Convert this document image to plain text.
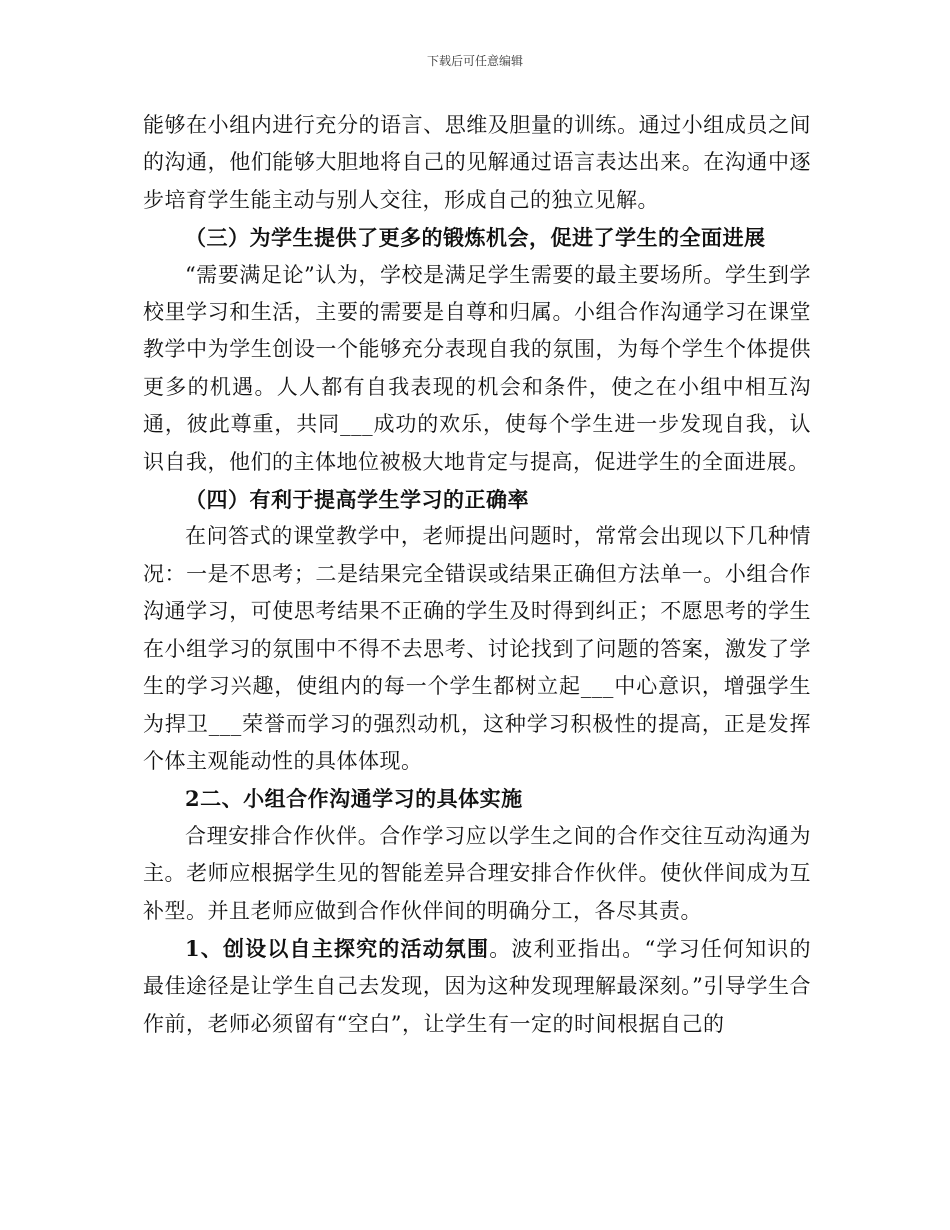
下载后可任意编辑

能够在小组内进行充分的语言、思维及胆量的训练。通过小组成员之间的沟通，他们能够大胆地将自己的见解通过语言表达出来。在沟通中逐步培育学生能主动与别人交往，形成自己的独立见解。

（三）为学生提供了更多的锻炼机会，促进了学生的全面进展

“需要满足论”认为，学校是满足学生需要的最主要场所。学生到学校里学习和生活，主要的需要是自尊和归属。小组合作沟通学习在课堂教学中为学生创设一个能够充分表现自我的氛围，为每个学生个体提供更多的机遇。人人都有自我表现的机会和条件，使之在小组中相互沟通，彼此尊重，共同___成功的欢乐，使每个学生进一步发现自我，认识自我，他们的主体地位被极大地肯定与提高，促进学生的全面进展。

（四）有利于提高学生学习的正确率

在问答式的课堂教学中，老师提出问题时，常常会出现以下几种情况：一是不思考；二是结果完全错误或结果正确但方法单一。小组合作沟通学习，可使思考结果不正确的学生及时得到纠正；不愿思考的学生在小组学习的氛围中不得不去思考、讨论找到了问题的答案，激发了学生的学习兴趣，使组内的每一个学生都树立起___中心意识，增强学生为捍卫___荣誉而学习的强烈动机，这种学习积极性的提高，正是发挥个体主观能动性的具体体现。

2二、小组合作沟通学习的具体实施

合理安排合作伙伴。合作学习应以学生之间的合作交往互动沟通为主。老师应根据学生见的智能差异合理安排合作伙伴。使伙伴间成为互补型。并且老师应做到合作伙伴间的明确分工，各尽其责。

1、创设以自主探究的活动氛围。波利亚指出。“学习任何知识的最佳途径是让学生自己去发现，因为这种发现理解最深刻。”引导学生合作前，老师必须留有“空白”，让学生有一定的时间根据自己的
